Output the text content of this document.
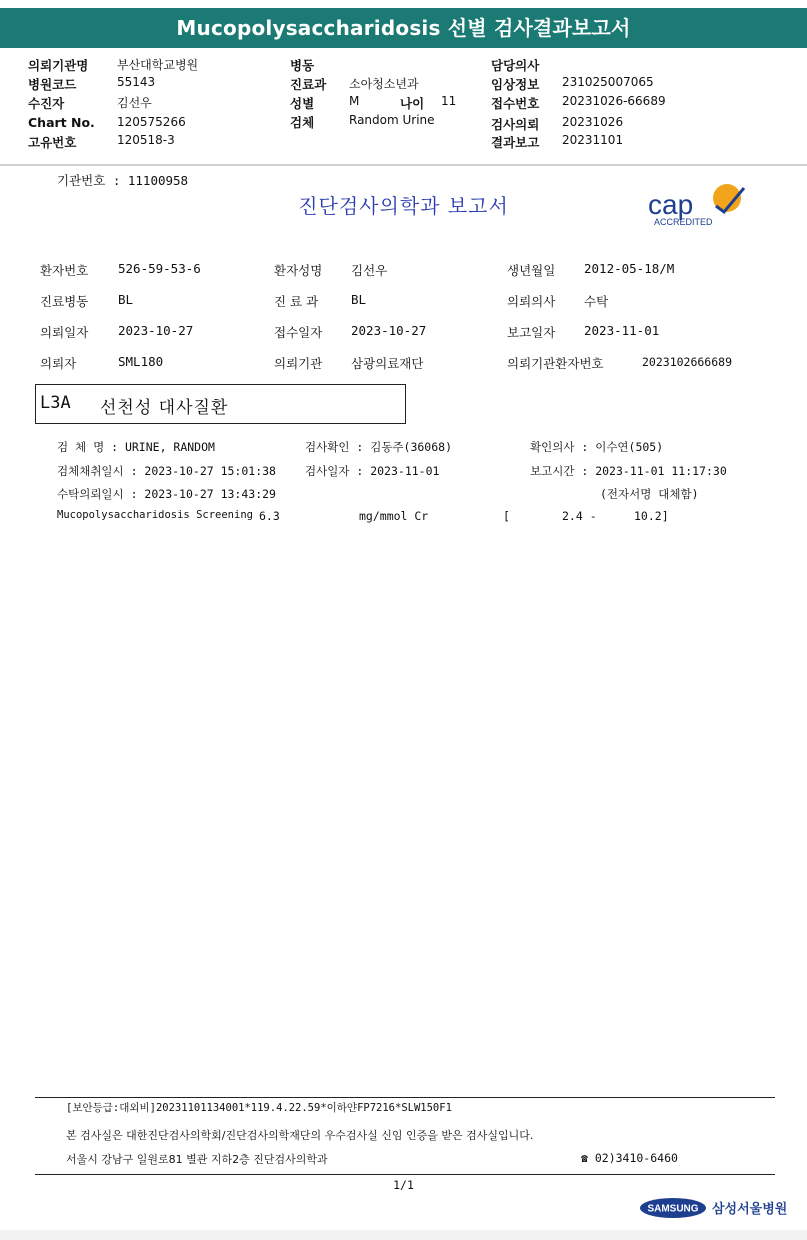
Mucopolysaccharidosis 선별 검사결과보고서
의뢰기관명 부산대학교병원
병원코드	55143
수진자	김선우
Chart No. 120575266
고유번호	120518-3
병동
진료과 소아청소년과
성별	M	나이 11
검체	Random Urine
담당의사
임상정보 231025007065
접수번호 20231026-66689
검사의뢰 20231026
결과보고 20231101
기관번호 : 11100958
진단검사의학과 보고서	cap
ACCREDITED
환자번호 526-59-53-6	환자성명 김선우	생년월일 2012-05-18/M
진료병동 BL	진 료 과	BL	의뢰의사 수탁
의뢰일자 2023-10-27	접수일자 2023-10-27	보고일자 2023-11-01
의뢰자	SML180	의뢰기관 삼광의료재단	의뢰기관환자번호	2023102666689
L3A 선천성 대사질환
검 체 명 : URINE, RANDOM	검사확인 : 김동주(36068)	확인의사 : 이수연(505)
검체채취일시 : 2023-10-27 15:01:38	검사일자 : 2023-11-01	보고시간 : 2023-11-01 11:17:30
수탁의뢰일시 : 2023-10-27 13:43:29	(전자서명 대체함)
Mucopolysaccharidosis Screening 6.3	mg/mmol Cr	[	2.4 -	10.2]
[보안등급:대외비]20231101134001*119.4.22.59*이하얀FP7216*SLW150F1
본 검사실은 대한진단검사의학회/진단검사의학재단의 우수검사실 신임 인증을 받은 검사실입니다.
서울시 강남구 일원로81 별관 지하2층 진단검사의학과	☎ 02)3410-6460
1/1
SAMSUNG 삼성서울병원
